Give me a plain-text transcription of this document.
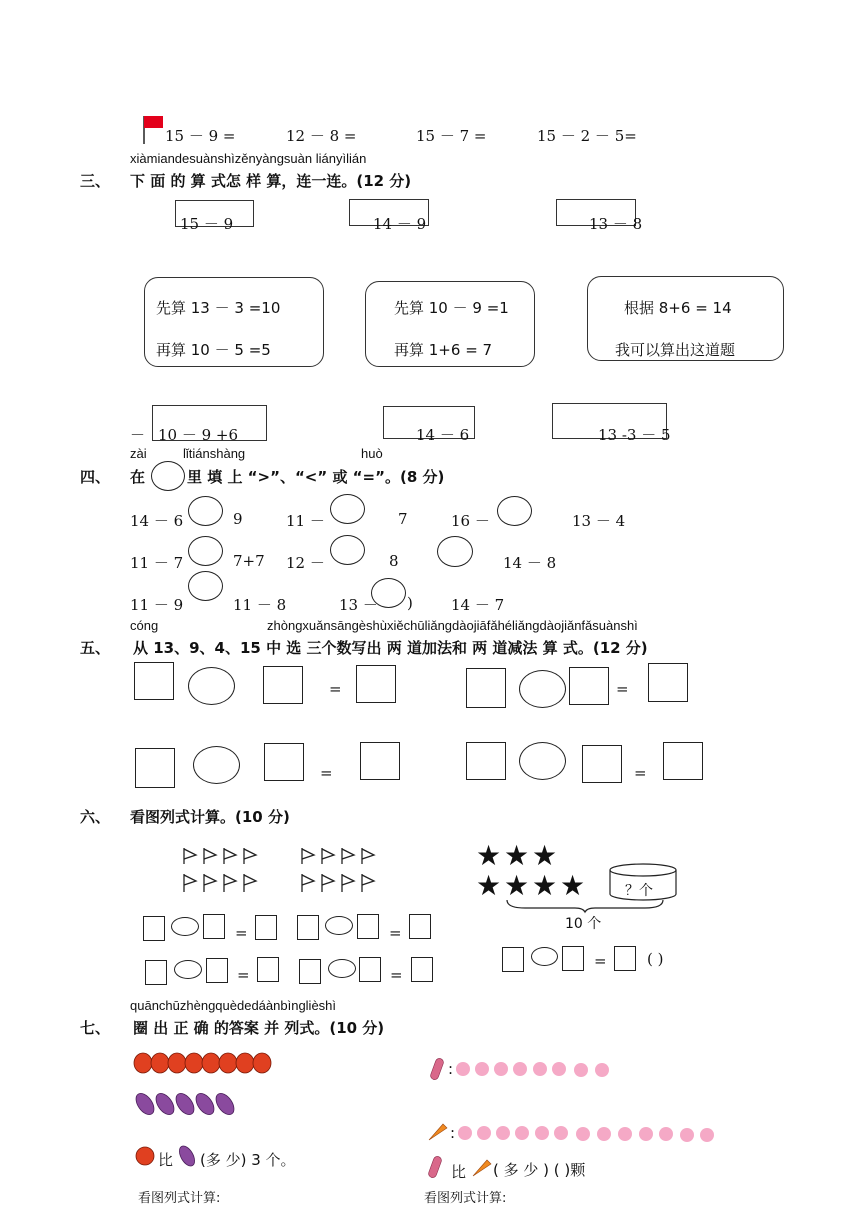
15 － 9 =	12 － 8 =	15 － 7 =	15 － 2 － 5=
xiàmiandesuànshìzěnyàngsuàn liányìlián
三、 下 面 的 算 式怎 样 算，连一连。(12 分)
15 － 9	14 － 9	13 － 8
先算 13 － 3 =10
再算 10 － 5 =5
先算 10 － 9 =1
再算 1+6 = 7
根据 8+6 = 14
我可以算出这道题
－ 10 － 9 +6	14 － 6	13 -3 － 5
zài	lǐtiánshàng	huò
四、 在	里 填 上 “>”、“<” 或 “=”。(8 分)
14 － 6	9	11 －	7	16 －	13 － 4
11 － 7	7+7 12 －	8	14 － 8
11 － 9	11 － 8	13 － )	14 － 7
cóng	zhòngxuǎnsāngèshùxiěchūliǎngdàojiāfǎhéliǎngdàojiǎnfǎsuànshì
五、 从 13、9、4、15 中 选 三个数写出 两 道加法和 两 道减法 算 式。(12 分)
=	=
=	=
六、 看图列式计算。(10 分)
★ ★ ★
★ ★ ★ ★	？个
10 个
=	=
=	=
=	( )
quānchūzhèngquèdedáànbìnglièshì
七、 圈 出 正 确 的答案 并 列式。(10 分)
比 (多 少) 3 个。
看图列式计算:
:
:
比 ( 多 少 ) ( )颗
看图列式计算:
